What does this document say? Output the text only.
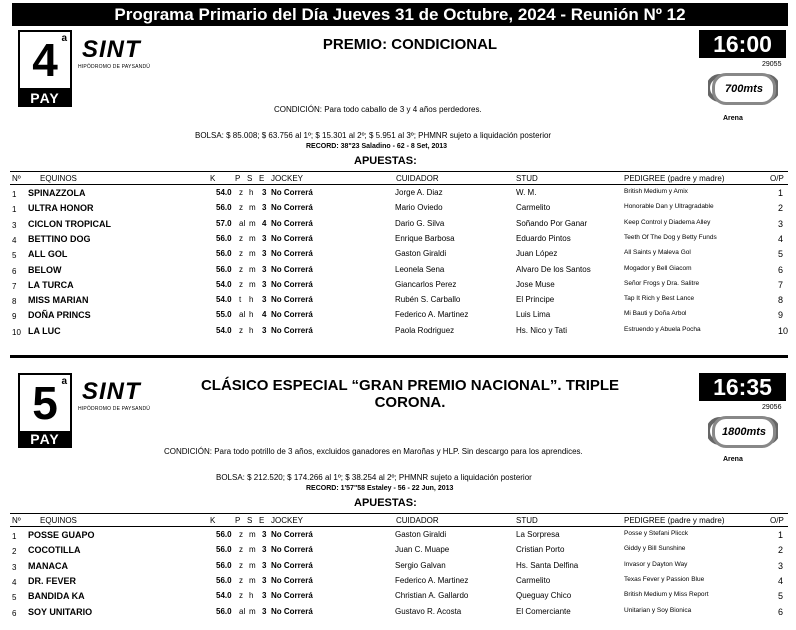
Programa Primario del Día Jueves 31 de Octubre, 2024 - Reunión Nº 12
4 a
PAY
SINT
HIPÓDROMO DE PAYSANDÚ
PREMIO: CONDICIONAL	16:00
29055
700mts
Arena
CONDICIÓN: Para todo caballo de 3 y 4 años perdedores.
BOLSA: $ 85.008; $ 63.756 al 1º; $ 15.301 al 2º; $ 5.951 al 3º; PHMNR sujeto a liquidación posterior
RECORD: 38"23 Saladino - 62 - 8 Set, 2013
APUESTAS:
Nº EQUINOS	K P S E JOCKEY	CUIDADOR	STUD	PEDIGREE (padre y madre)	O/P
1 SPINAZZOLA	54.0 z h 3 No Correrá	Jorge A. Diaz	W. M.	British Medium y Amix	1
1 ULTRA HONOR	56.0 z m 3 No Correrá	Mario Oviedo	Carmelito	Honorable Dan y Ultragradable	2
3 CICLON TROPICAL	57.0 al m 4 No Correrá	Dario G. Silva	Soñando Por Ganar	Keep Control y Diadema Alley	3
4 BETTINO DOG	56.0 z m 3 No Correrá	Enrique Barbosa	Eduardo Pintos	Teeth Of The Dog y Betty Funds	4
5 ALL GOL	56.0 z m 3 No Correrá	Gaston Giraldi	Juan López	All Saints y Maleva Gol	5
6 BELOW	56.0 z m 3 No Correrá	Leonela Sena	Alvaro De los Santos	Mogador y Bell Giacom	6
7 LA TURCA	54.0 z m 3 No Correrá	Giancarlos Perez	Jose Muse	Señor Frogs y Dra. Salitre	7
8 MISS MARIAN	54.0 t h 3 No Correrá	Rubén S. Carballo	El Principe	Tap It Rich y Best Lance	8
9 DOÑA PRINCS	55.0 al h 4 No Correrá	Federico A. Martinez	Luis Lima	Mi Bauti y Doña Arbol	9
10 LA LUC	54.0 z h 3 No Correrá	Paola Rodriguez	Hs. Nico y Tati	Estruendo y Abuela Pocha	10
5 a
PAY
SINT
HIPÓDROMO DE PAYSANDÚ
CLÁSICO ESPECIAL “GRAN PREMIO NACIONAL”. TRIPLE CORONA.
16:35
29056
1800mts
Arena
CONDICIÓN: Para todo potrillo de 3 años, excluidos ganadores en Maroñas y HLP. Sin descargo para los aprendices.
BOLSA: $ 212.520; $ 174.266 al 1º; $ 38.254 al 2º; PHMNR sujeto a liquidación posterior
RECORD: 1'57"58 Estaley - 56 - 22 Jun, 2013
APUESTAS:
Nº EQUINOS	K P S E JOCKEY	CUIDADOR	STUD	PEDIGREE (padre y madre)	O/P
1 POSSE GUAPO	56.0 z m 3 No Correrá	Gaston Giraldi	La Sorpresa	Posse y Stefani Plicck	1
2 COCOTILLA	56.0 z m 3 No Correrá	Juan C. Muape	Cristian Porto	Giddy y Bill Sunshine	2
3 MANACA	56.0 z m 3 No Correrá	Sergio Galvan	Hs. Santa Delfina	Invasor y Dayton Way	3
4 DR. FEVER	56.0 z m 3 No Correrá	Federico A. Martinez	Carmelito	Texas Fever y Passion Blue	4
5 BANDIDA KA	54.0 z h 3 No Correrá	Christian A. Gallardo	Queguay Chico	British Medium y Miss Report	5
6 SOY UNITARIO	56.0 al m 3 No Correrá	Gustavo R. Acosta	El Comerciante	Unitarian y Soy Bionica	6
